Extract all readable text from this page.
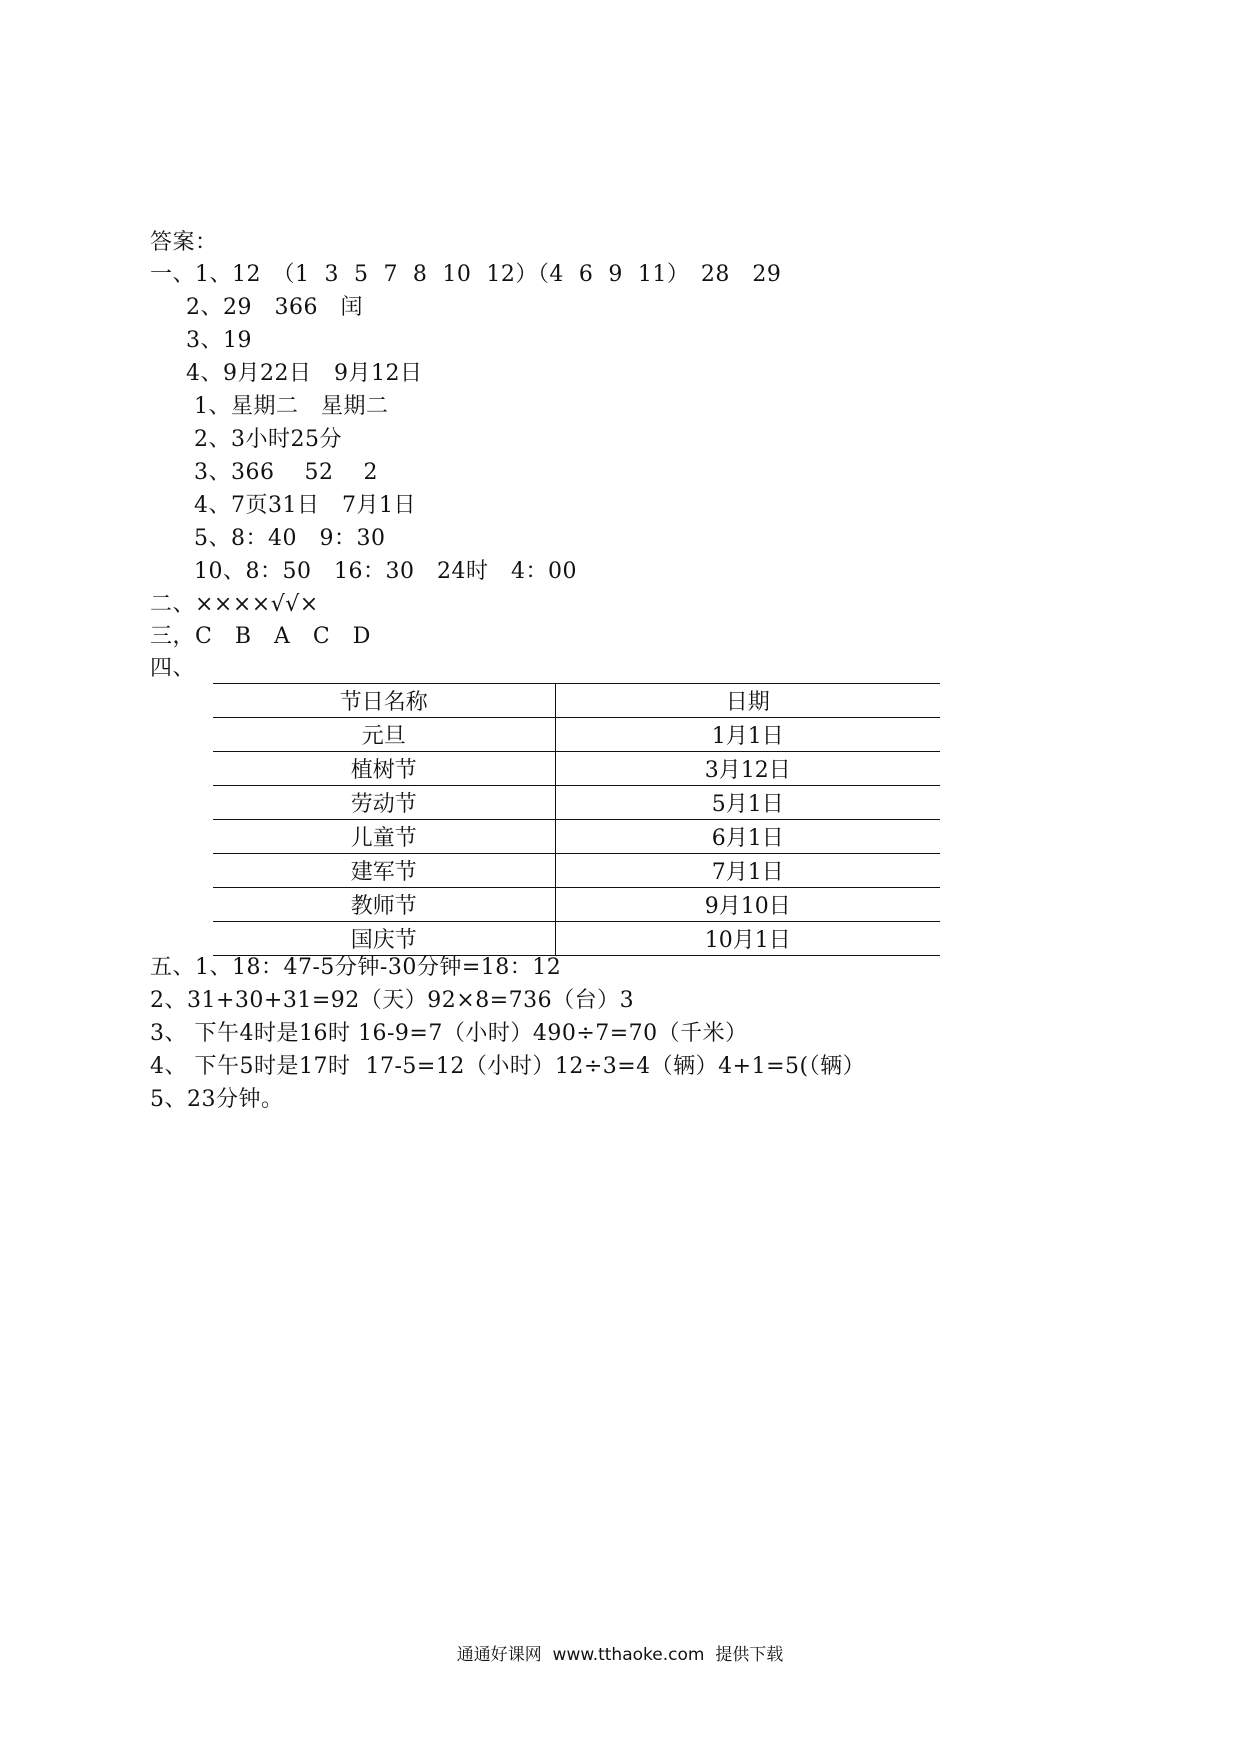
答案：
一、1、12　（1  3  5  7  8  10  12）（4  6  9  11）　28　29
2、29　366　闰
3、19
4、9月22日　9月12日
1、星期二　星期二
2、3小时25分
3、366　 52　 2
4、7页31日　7月1日
5、8：40　9：30
10、8：50　16：30　24时　4：00
二、××××√√×
三，C　B　A　C　D
四、
节日名称	日期
元旦	1月1日
植树节	3月12日
劳动节	5月1日
儿童节	6月1日
建军节	7月1日
教师节	9月10日
国庆节	10月1日
五、1、18：47-5分钟-30分钟=18：12
2、31+30+31=92（天）92×8=736（台）3
3、 下午4时是16时 16-9=7（小时）490÷7=70（千米）
4、 下午5时是17时  17-5=12（小时）12÷3=4（辆）4+1=5(（辆）
5、23分钟。
通通好课网  www.tthaoke.com  提供下载
